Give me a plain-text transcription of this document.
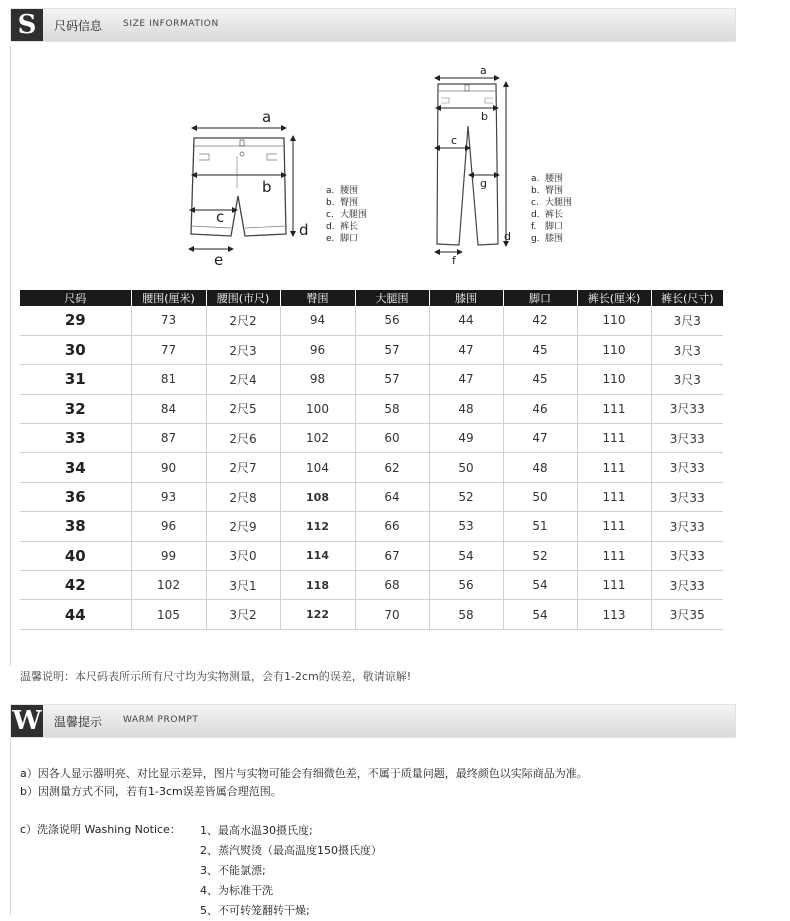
S	尺码信息 SIZE INFORMATION
a
b
c
d
e
a. 腰围
b. 臀围
c. 大腿围
d. 裤长
e. 脚口
a
b
c
g
d
f
a. 腰围
b. 臀围
c. 大腿围
d. 裤长
f. 脚口
g. 膝围
尺码	腰围(厘米)	腰围(市尺)	臀围	大腿围	膝围	脚口	裤长(厘米)	裤长(尺寸)
29	73	2尺2	94	56	44	42	110	3尺3
30	77	2尺3	96	57	47	45	110	3尺3
31	81	2尺4	98	57	47	45	110	3尺3
32	84	2尺5	100	58	48	46	111	3尺33
33	87	2尺6	102	60	49	47	111	3尺33
34	90	2尺7	104	62	50	48	111	3尺33
36	93	2尺8	108	64	52	50	111	3尺33
38	96	2尺9	112	66	53	51	111	3尺33
40	99	3尺0	114	67	54	52	111	3尺33
42	102	3尺1	118	68	56	54	111	3尺33
44	105	3尺2	122	70	58	54	113	3尺35
温馨说明：本尺码表所示所有尺寸均为实物测量，会有1-2cm的误差，敬请谅解!
W 温馨提示 WARM PROMPT
a）因各人显示器明亮、对比显示差异，图片与实物可能会有细微色差，不属于质量问题，最终颜色以实际商品为准。
b）因测量方式不同，若有1-3cm误差皆属合理范围。
c）洗涤说明 Washing Notice： 1、最高水温30摄氏度;
2、蒸汽熨烫（最高温度150摄氏度）
3、不能氯漂;
4、为标准干洗
5、不可转笼翻转干燥;
